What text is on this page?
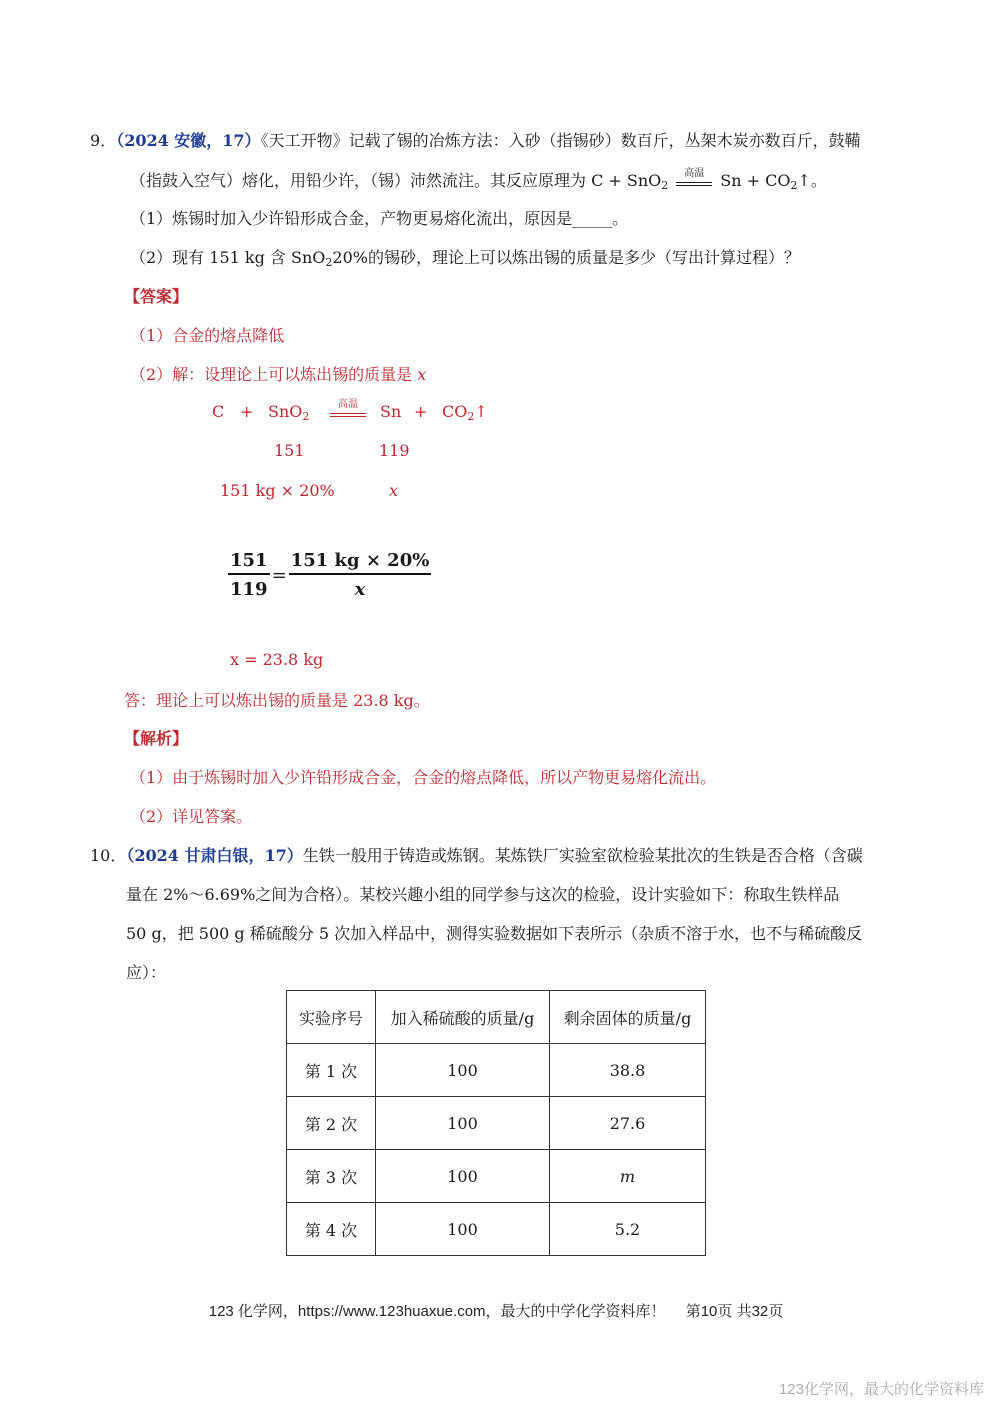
9．（2024 安徽，17）《天工开物》记载了锡的冶炼方法：入砂（指锡砂）数百斤，丛架木炭亦数百斤，鼓鞴
（指鼓入空气）熔化，用铅少许，（锡）沛然流注。其反应原理为 C + SnO$_2$
高温	$Sn + CO_2↑$。
（1）炼锡时加入少许铅形成合金，产物更易熔化流出，原因是_____。
（2）现有 151 kg 含 SnO$_2$20%的锡砂，理论上可以炼出锡的质量是多少（写出计算过程）？
【答案】
（1）合金的熔点降低
（2）解：设理论上可以炼出锡的质量是 x
C + SnO$_2$
高温	$Sn + CO_2↑$
151	119
151 kg × 20%	x
$\frac{151}{119} = \frac{151 kg \times 20\%}{x}$
x = 23.8 kg
答：理论上可以炼出锡的质量是 23.8 kg。
【解析】
（1）由于炼锡时加入少许铅形成合金，合金的熔点降低，所以产物更易熔化流出。
（2）详见答案。
10．（2024 甘肃白银，17）生铁一般用于铸造或炼钢。某炼铁厂实验室欲检验某批次的生铁是否合格（含碳
量在 2%～6.69%之间为合格）。某校兴趣小组的同学参与这次的检验，设计实验如下：称取生铁样品
50 g，把 500 g 稀硫酸分 5 次加入样品中，测得实验数据如下表所示（杂质不溶于水，也不与稀硫酸反
应）：
实验序号	加入稀硫酸的质量/g	剩余固体的质量/g
第 1 次	100	38.8
第 2 次	100	27.6
第 3 次	100	m
第 4 次	100	5.2
123 化学网，https://www.123huaxue.com，最大的中学化学资料库！ 第10页 共32页
123化学网，最大的化学资料库
